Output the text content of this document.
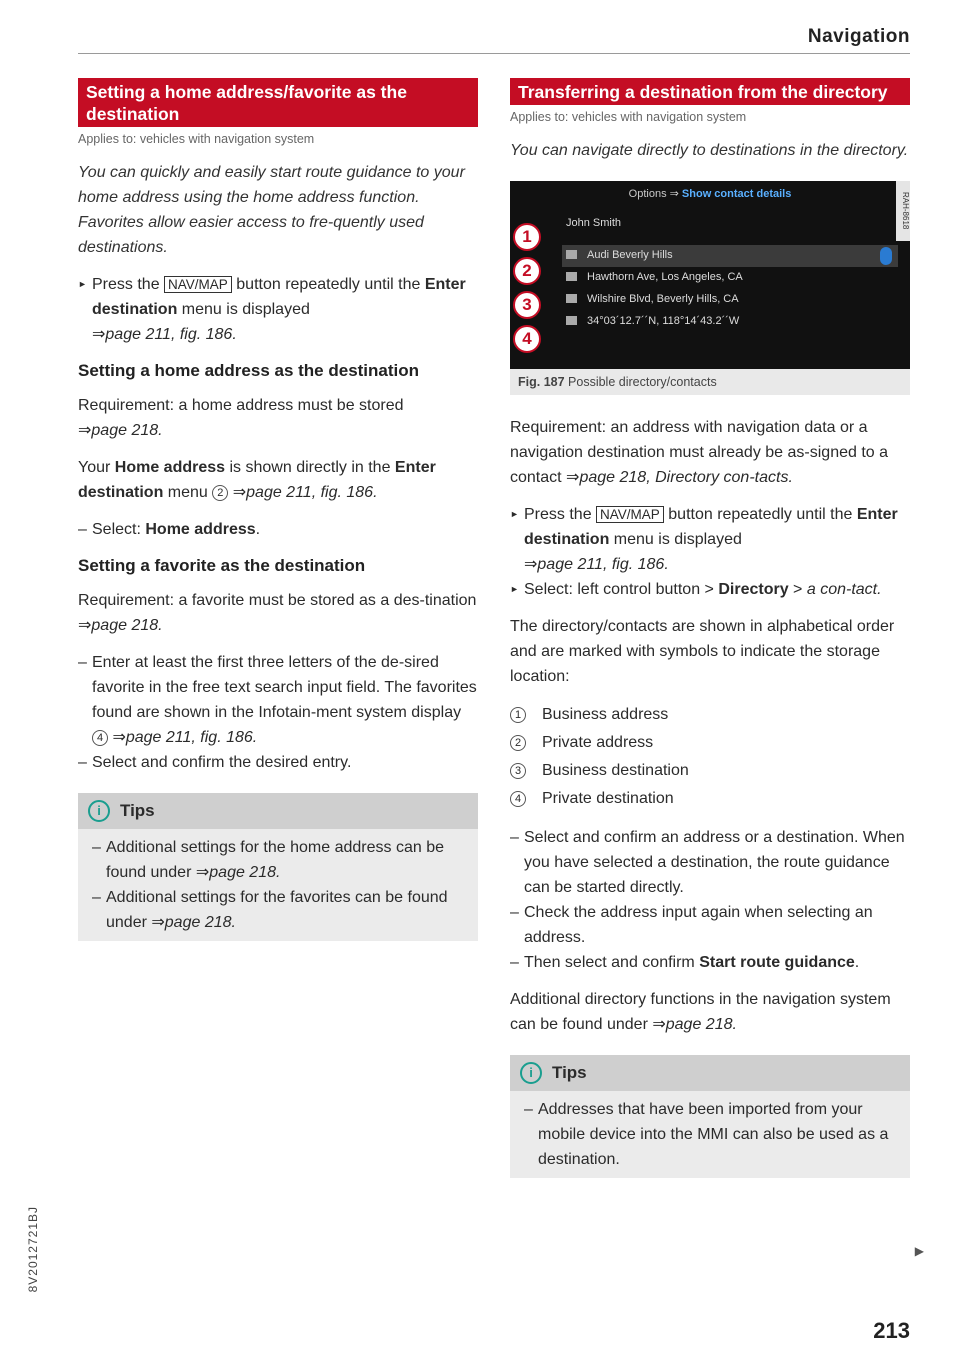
Navigation
Setting a home address/favorite as the destination
Applies to: vehicles with navigation system
You can quickly and easily start route guidance to your home address using the home address function. Favorites allow easier access to fre-quently used destinations.
► Press the NAV/MAP button repeatedly until the Enter destination menu is displayed
⇒page 211, fig. 186.
Setting a home address as the destination

Requirement: a home address must be stored
⇒page 218.

Your Home address is shown directly in the Enter destination menu 2 ⇒page 211, fig. 186.

– Select: Home address.
Setting a favorite as the destination

Requirement: a favorite must be stored as a des-tination ⇒page 218.

– Enter at least the first three letters of the de-sired favorite in the free text search input field. The favorites found are shown in the Infotain-ment system display 4 ⇒page 211, fig. 186.
– Select and confirm the desired entry.
i	Tips
– Additional settings for the home address can be found under ⇒page 218.
– Additional settings for the favorites can be found under ⇒page 218.
Transferring a destination from the directory
Applies to: vehicles with navigation system
You can navigate directly to destinations in the directory.
Options ⇒ Show contact details	RAH-8618
John Smith
Audi Beverly Hills
Hawthorn Ave, Los Angeles, CA
Wilshire Blvd, Beverly Hills, CA
34°03´12.7´´N, 118°14´43.2´´W
1
2
3
4
Fig. 187 Possible directory/contacts

Requirement: an address with navigation data or a navigation destination must already be as-signed to a contact ⇒page 218, Directory con-tacts.

► Press the NAV/MAP button repeatedly until the Enter destination menu is displayed
⇒page 211, fig. 186.
► Select: left control button > Directory > a con-tact.

The directory/contacts are shown in alphabetical order and are marked with symbols to indicate the storage location:

1	Business address
2	Private address
3	Business destination
4	Private destination
– Select and confirm an address or a destination. When you have selected a destination, the route guidance can be started directly.
– Check the address input again when selecting an address.
– Then select and confirm Start route guidance.

Additional directory functions in the navigation system can be found under ⇒page 218.

i	Tips
– Addresses that have been imported from your mobile device into the MMI can also be used as a destination.
▶
8V2012721BJ
213
